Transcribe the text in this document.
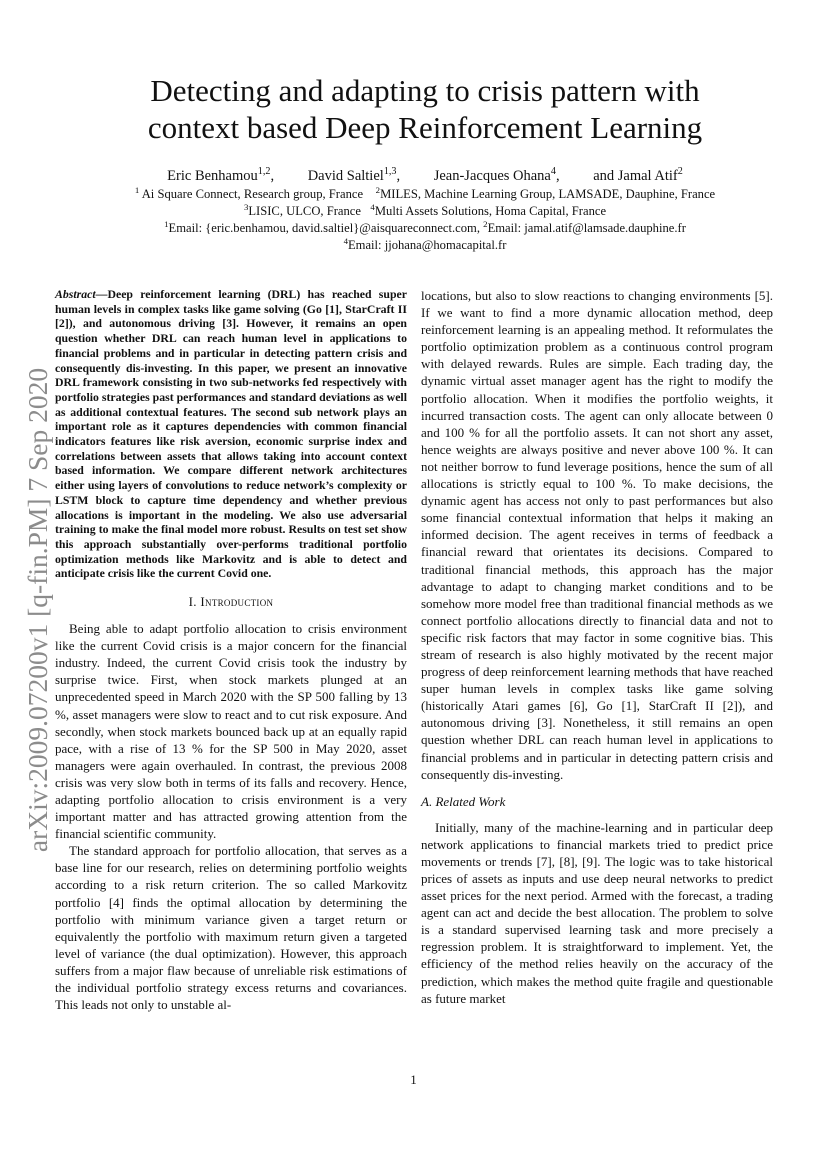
arXiv:2009.07200v1 [q-fin.PM] 7 Sep 2020
Detecting and adapting to crisis pattern with
context based Deep Reinforcement Learning
Eric Benhamou$^{1,2}$, David Saltiel$^{1,3}$, Jean-Jacques Ohana$^4$, and Jamal Atif$^2$
$^1$ Ai Square Connect, Research group, France $^2$MILES, Machine Learning Group, LAMSADE, Dauphine, France
$^3$LISIC, ULCO, France $^4$Multi Assets Solutions, Homa Capital, France
$^1$Email: {eric.benhamou, david.saltiel}@aisquareconnect.com, $^2$Email: jamal.atif@lamsade.dauphine.fr
$^4$Email: jjohana@homacapital.fr

Abstract—Deep reinforcement learning (DRL) has reached super human levels in complex tasks like game solving (Go [1], StarCraft II [2]), and autonomous driving [3]. However, it remains an open question whether DRL can reach human level in applications to financial problems and in particular in detecting pattern crisis and consequently dis-investing. In this paper, we present an innovative DRL framework consisting in two sub-networks fed respectively with portfolio strategies past performances and standard deviations as well as additional contextual features. The second sub network plays an important role as it captures dependencies with common financial indicators features like risk aversion, economic surprise index and correlations between assets that allows taking into account context based information. We compare different network architectures either using layers of convolutions to reduce network’s complexity or LSTM block to capture time dependency and whether previous allocations is important in the modeling. We also use adversarial training to make the final model more robust. Results on test set show this approach substantially over-performs traditional portfolio optimization methods like Markovitz and is able to detect and anticipate crisis like the current Covid one.

I. Introduction

Being able to adapt portfolio allocation to crisis environment like the current Covid crisis is a major concern for the financial industry. Indeed, the current Covid crisis took the industry by surprise twice. First, when stock markets plunged at an unprecedented speed in March 2020 with the SP 500 falling by 13 %, asset managers were slow to react and to cut risk exposure. And secondly, when stock markets bounced back up at an equally rapid pace, with a rise of 13 % for the SP 500 in May 2020, asset managers were again overhauled. In contrast, the previous 2008 crisis was very slow both in terms of its falls and recovery. Hence, adapting portfolio allocation to crisis environment is a very important matter and has attracted growing attention from the financial scientific community.

The standard approach for portfolio allocation, that serves as a base line for our research, relies on determining portfolio weights according to a risk return criterion. The so called Markovitz portfolio [4] finds the optimal allocation by determining the portfolio with minimum variance given a target return or equivalently the portfolio with maximum return given a targeted level of variance (the dual optimization). However, this approach suffers from a major flaw because of unreliable risk estimations of the individual portfolio strategy excess returns and covariances. This leads not only to unstable al-

locations, but also to slow reactions to changing environments [5]. If we want to find a more dynamic allocation method, deep reinforcement learning is an appealing method. It reformulates the portfolio optimization problem as a continuous control program with delayed rewards. Rules are simple. Each trading day, the dynamic virtual asset manager agent has the right to modify the portfolio allocation. When it modifies the portfolio weights, it incurred transaction costs. The agent can only allocate between 0 and 100 % for all the portfolio assets. It can not short any asset, hence weights are always positive and never above 100 %. It can not neither borrow to fund leverage positions, hence the sum of all allocations is strictly equal to 100 %. To make decisions, the dynamic agent has access not only to past performances but also some financial contextual information that helps it making an informed decision. The agent receives in terms of feedback a financial reward that orientates its decisions. Compared to traditional financial methods, this approach has the major advantage to adapt to changing market conditions and to be somehow more model free than traditional financial methods as we connect portfolio allocations directly to financial data and not to specific risk factors that may factor in some cognitive bias. This stream of research is also highly motivated by the recent major progress of deep reinforcement learning methods that have reached super human levels in complex tasks like game solving (historically Atari games [6], Go [1], StarCraft II [2]), and autonomous driving [3]. Nonetheless, it still remains an open question whether DRL can reach human level in applications to financial problems and in particular in detecting pattern crisis and consequently dis-investing.

A. Related Work

Initially, many of the machine-learning and in particular deep network applications to financial markets tried to predict price movements or trends [7], [8], [9]. The logic was to take historical prices of assets as inputs and use deep neural networks to predict asset prices for the next period. Armed with the forecast, a trading agent can act and decide the best allocation. The problem to solve is a standard supervised learning task and more precisely a regression problem. It is straightforward to implement. Yet, the efficiency of the method relies heavily on the accuracy of the prediction, which makes the method quite fragile and questionable as future market

1
